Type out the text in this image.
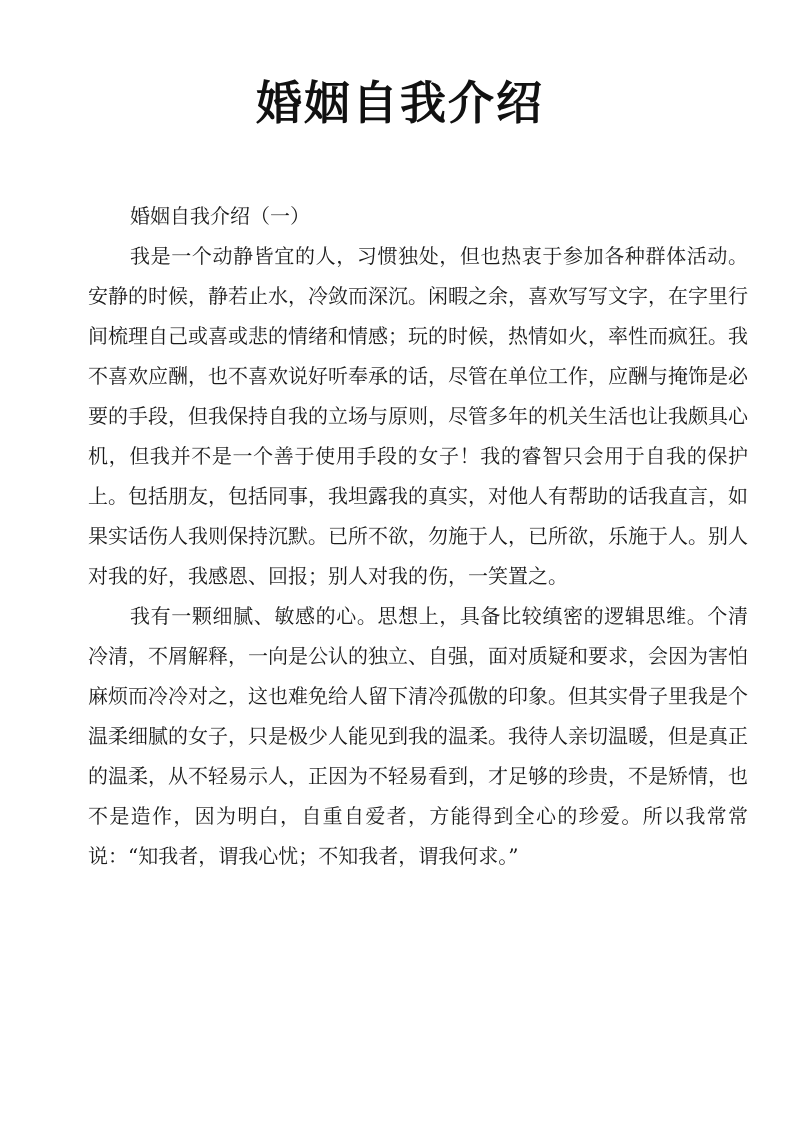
婚姻自我介绍

婚姻自我介绍（一）

我是一个动静皆宜的人，习惯独处，但也热衷于参加各种群体活动。安静的时候，静若止水，冷敛而深沉。闲暇之余，喜欢写写文字，在字里行间梳理自己或喜或悲的情绪和情感；玩的时候，热情如火，率性而疯狂。我不喜欢应酬，也不喜欢说好听奉承的话，尽管在单位工作，应酬与掩饰是必要的手段，但我保持自我的立场与原则，尽管多年的机关生活也让我颇具心机，但我并不是一个善于使用手段的女子！我的睿智只会用于自我的保护上。包括朋友，包括同事，我坦露我的真实，对他人有帮助的话我直言，如果实话伤人我则保持沉默。已所不欲，勿施于人，已所欲，乐施于人。别人对我的好，我感恩、回报；别人对我的伤，一笑置之。

我有一颗细腻、敏感的心。思想上，具备比较缜密的逻辑思维。个清冷清，不屑解释，一向是公认的独立、自强，面对质疑和要求，会因为害怕麻烦而冷冷对之，这也难免给人留下清冷孤傲的印象。但其实骨子里我是个温柔细腻的女子，只是极少人能见到我的温柔。我待人亲切温暖，但是真正的温柔，从不轻易示人，正因为不轻易看到，才足够的珍贵，不是矫情，也不是造作，因为明白，自重自爱者，方能得到全心的珍爱。所以我常常说：“知我者，谓我心忧；不知我者，谓我何求。”
